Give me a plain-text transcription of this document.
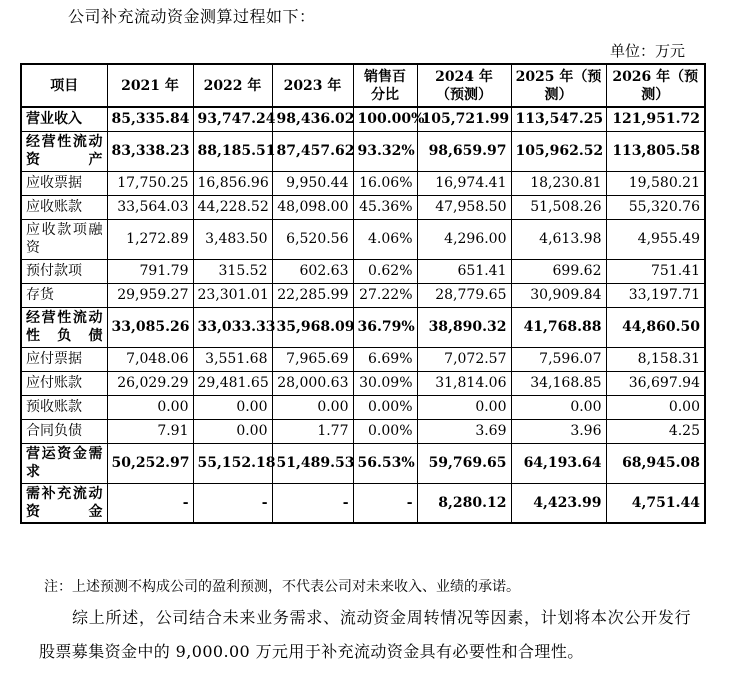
公司补充流动资金测算过程如下：
单位：万元
项目	2021 年	2022 年	2023 年	销售百分比	2024 年（预测）	2025 年（预测）	2026 年（预测）
营业收入	85,335.84	93,747.24	98,436.02	100.00%	105,721.99	113,547.25	121,951.72
经营性流动资产	83,338.23	88,185.51	87,457.62	93.32%	98,659.97	105,962.52	113,805.58
应收票据	17,750.25	16,856.96	9,950.44	16.06%	16,974.41	18,230.81	19,580.21
应收账款	33,564.03	44,228.52	48,098.00	45.36%	47,958.50	51,508.26	55,320.76
应收款项融资	1,272.89	3,483.50	6,520.56	4.06%	4,296.00	4,613.98	4,955.49
预付款项	791.79	315.52	602.63	0.62%	651.41	699.62	751.41
存货	29,959.27	23,301.01	22,285.99	27.22%	28,779.65	30,909.84	33,197.71
经营性流动性负债	33,085.26	33,033.33	35,968.09	36.79%	38,890.32	41,768.88	44,860.50
应付票据	7,048.06	3,551.68	7,965.69	6.69%	7,072.57	7,596.07	8,158.31
应付账款	26,029.29	29,481.65	28,000.63	30.09%	31,814.06	34,168.85	36,697.94
预收账款	0.00	0.00	0.00	0.00%	0.00	0.00	0.00
合同负债	7.91	0.00	1.77	0.00%	3.69	3.96	4.25
营运资金需求	50,252.97	55,152.18	51,489.53	56.53%	59,769.65	64,193.64	68,945.08
需补充流动资金	-	-	-	-	8,280.12	4,423.99	4,751.44
注：上述预测不构成公司的盈利预测，不代表公司对未来收入、业绩的承诺。
综上所述，公司结合未来业务需求、流动资金周转情况等因素，计划将本次公开发行股票募集资金中的 9,000.00 万元用于补充流动资金具有必要性和合理性。
